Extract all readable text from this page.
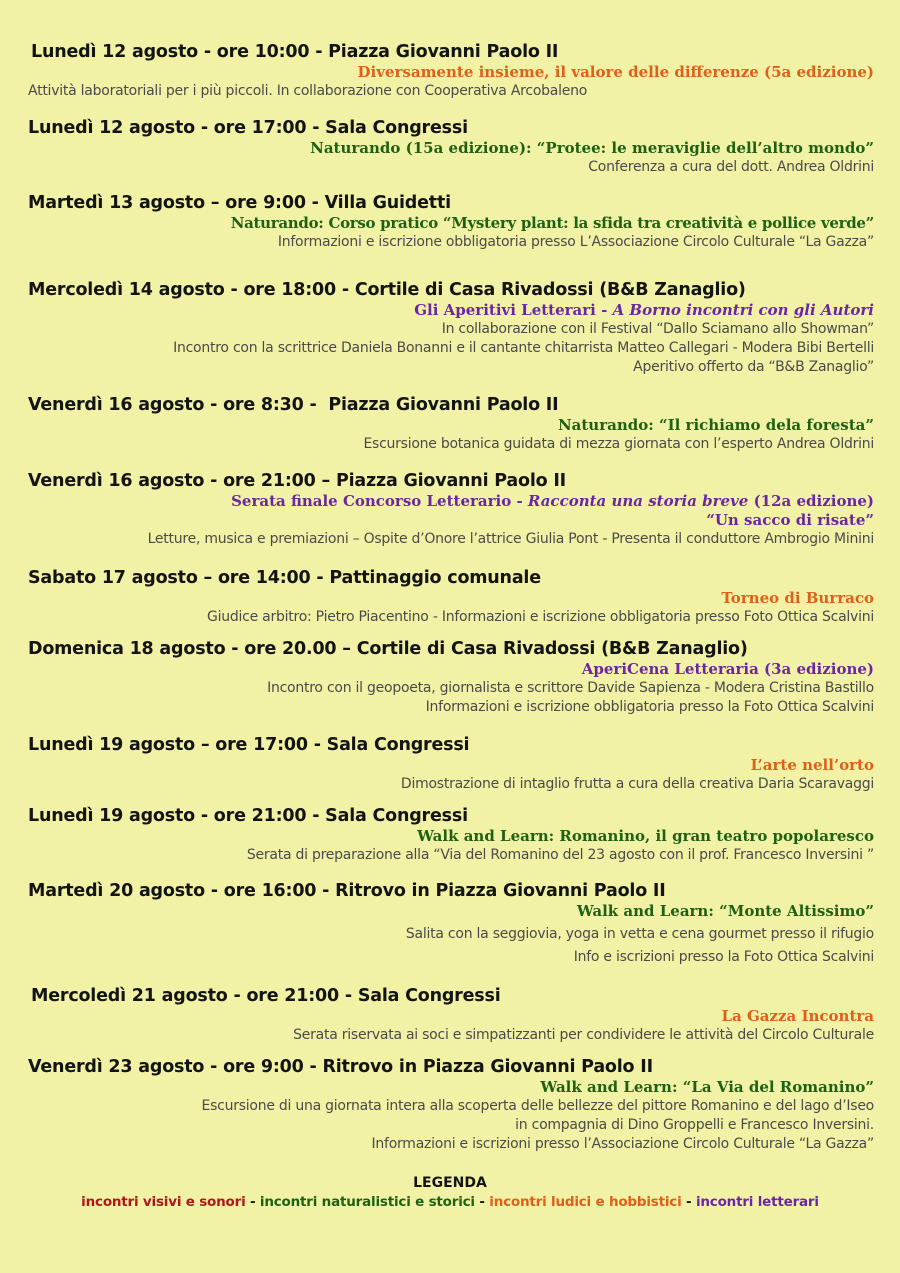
Lunedì 12 agosto - ore 10:00 - Piazza Giovanni Paolo II
Diversamente insieme, il valore delle differenze (5a edizione)
Attività laboratoriali per i più piccoli. In collaborazione con Cooperativa Arcobaleno
Lunedì 12 agosto - ore 17:00 - Sala Congressi
Naturando (15a edizione): “Protee: le meraviglie dell’altro mondo”
Conferenza a cura del dott. Andrea Oldrini
Martedì 13 agosto – ore 9:00 - Villa Guidetti
Naturando: Corso pratico “Mystery plant: la sfida tra creatività e pollice verde”
Informazioni e iscrizione obbligatoria presso L’Associazione Circolo Culturale “La Gazza”
Mercoledì 14 agosto - ore 18:00 - Cortile di Casa Rivadossi (B&B Zanaglio)
Gli Aperitivi Letterari - A Borno incontri con gli Autori
In collaborazione con il Festival “Dallo Sciamano allo Showman”
Incontro con la scrittrice Daniela Bonanni e il cantante chitarrista Matteo Callegari - Modera Bibi Bertelli
Aperitivo offerto da “B&B Zanaglio”
Venerdì 16 agosto - ore 8:30 -  Piazza Giovanni Paolo II
Naturando: “Il richiamo dela foresta”
Escursione botanica guidata di mezza giornata con l’esperto Andrea Oldrini
Venerdì 16 agosto - ore 21:00 – Piazza Giovanni Paolo II
Serata finale Concorso Letterario - Racconta una storia breve (12a edizione)
“Un sacco di risate”
Letture, musica e premiazioni – Ospite d’Onore l’attrice Giulia Pont - Presenta il conduttore Ambrogio Minini
Sabato 17 agosto – ore 14:00 - Pattinaggio comunale
Torneo di Burraco
Giudice arbitro: Pietro Piacentino - Informazioni e iscrizione obbligatoria presso Foto Ottica Scalvini
Domenica 18 agosto - ore 20.00 – Cortile di Casa Rivadossi (B&B Zanaglio)
AperiCena Letteraria (3a edizione)
Incontro con il geopoeta, giornalista e scrittore Davide Sapienza - Modera Cristina Bastillo
Informazioni e iscrizione obbligatoria presso la Foto Ottica Scalvini
Lunedì 19 agosto – ore 17:00 - Sala Congressi
L’arte nell’orto
Dimostrazione di intaglio frutta a cura della creativa Daria Scaravaggi
Lunedì 19 agosto - ore 21:00 - Sala Congressi
Walk and Learn: Romanino, il gran teatro popolaresco
Serata di preparazione alla “Via del Romanino del 23 agosto con il prof. Francesco Inversini ”
Martedì 20 agosto - ore 16:00 - Ritrovo in Piazza Giovanni Paolo II
Walk and Learn: “Monte Altissimo”
Salita con la seggiovia, yoga in vetta e cena gourmet presso il rifugio
Info e iscrizioni presso la Foto Ottica Scalvini
Mercoledì 21 agosto - ore 21:00 - Sala Congressi
La Gazza Incontra
Serata riservata ai soci e simpatizzanti per condividere le attività del Circolo Culturale
Venerdì 23 agosto - ore 9:00 - Ritrovo in Piazza Giovanni Paolo II
Walk and Learn: “La Via del Romanino”
Escursione di una giornata intera alla scoperta delle bellezze del pittore Romanino e del lago d’Iseo
in compagnia di Dino Groppelli e Francesco Inversini.
Informazioni e iscrizioni presso l’Associazione Circolo Culturale “La Gazza”
LEGENDA
incontri visivi e sonori - incontri naturalistici e storici - incontri ludici e hobbistici - incontri letterari
